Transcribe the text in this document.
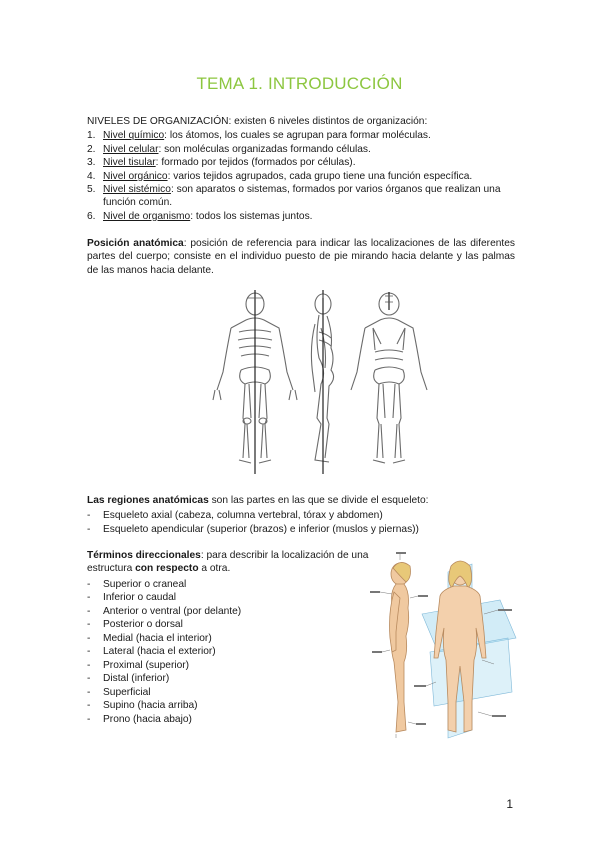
TEMA 1. INTRODUCCIÓN
NIVELES DE ORGANIZACIÓN: existen 6 niveles distintos de organización:
1. Nivel químico: los átomos, los cuales se agrupan para formar moléculas.
2. Nivel celular: son moléculas organizadas formando células.
3. Nivel tisular: formado por tejidos (formados por células).
4. Nivel orgánico: varios tejidos agrupados, cada grupo tiene una función específica.
5. Nivel sistémico: son aparatos o sistemas, formados por varios órganos que realizan una función común.
6. Nivel de organismo: todos los sistemas juntos.
Posición anatómica: posición de referencia para indicar las localizaciones de las diferentes partes del cuerpo; consiste en el individuo puesto de pie mirando hacia delante y las palmas de las manos hacia delante.
Las regiones anatómicas son las partes en las que se divide el esqueleto:
- Esqueleto axial (cabeza, columna vertebral, tórax y abdomen)
- Esqueleto apendicular (superior (brazos) e inferior (muslos y piernas))
Términos direccionales: para describir la localización de una estructura con respecto a otra.
- Superior o craneal
- Inferior o caudal
- Anterior o ventral (por delante)
- Posterior o dorsal
- Medial (hacia el interior)
- Lateral (hacia el exterior)
- Proximal (superior)
- Distal (inferior)
- Superficial
- Supino (hacia arriba)
- Prono (hacia abajo)
1
